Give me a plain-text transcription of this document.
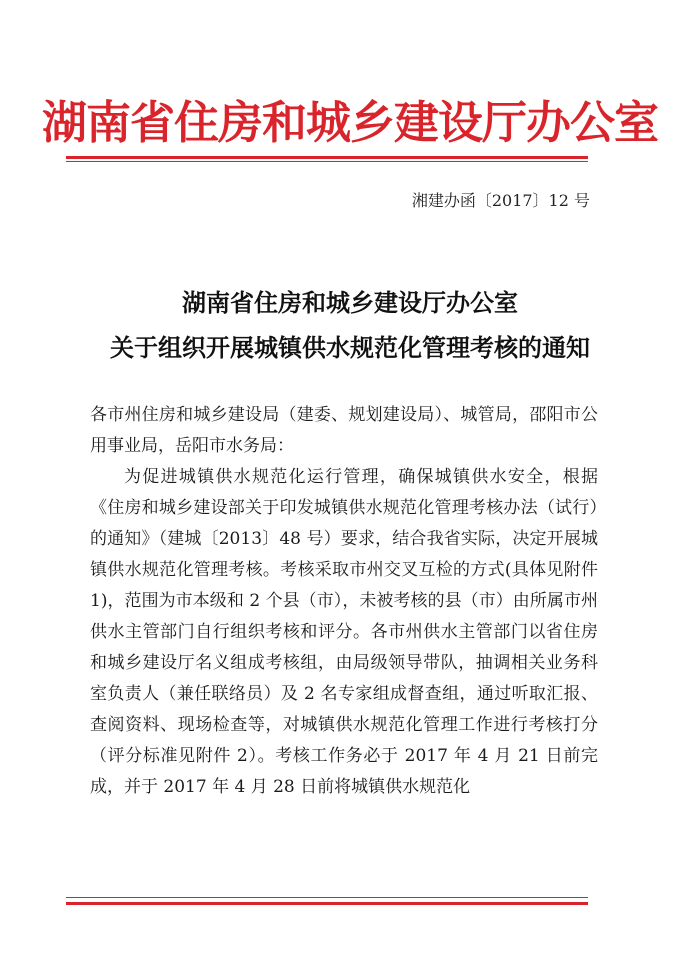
湖南省住房和城乡建设厅办公室
湘建办函〔2017〕12 号
湖南省住房和城乡建设厅办公室
关于组织开展城镇供水规范化管理考核的通知

各市州住房和城乡建设局（建委、规划建设局）、城管局，邵阳市公用事业局，岳阳市水务局：

为促进城镇供水规范化运行管理，确保城镇供水安全，根据《住房和城乡建设部关于印发城镇供水规范化管理考核办法（试行）的通知》（建城〔2013〕48 号）要求，结合我省实际，决定开展城镇供水规范化管理考核。考核采取市州交叉互检的方式(具体见附件 1)，范围为市本级和 2 个县（市），未被考核的县（市）由所属市州供水主管部门自行组织考核和评分。各市州供水主管部门以省住房和城乡建设厅名义组成考核组，由局级领导带队，抽调相关业务科室负责人（兼任联络员）及 2 名专家组成督查组，通过听取汇报、查阅资料、现场检查等，对城镇供水规范化管理工作进行考核打分（评分标准见附件 2）。考核工作务必于 2017 年 4 月 21 日前完成，并于 2017 年 4 月 28 日前将城镇供水规范化
